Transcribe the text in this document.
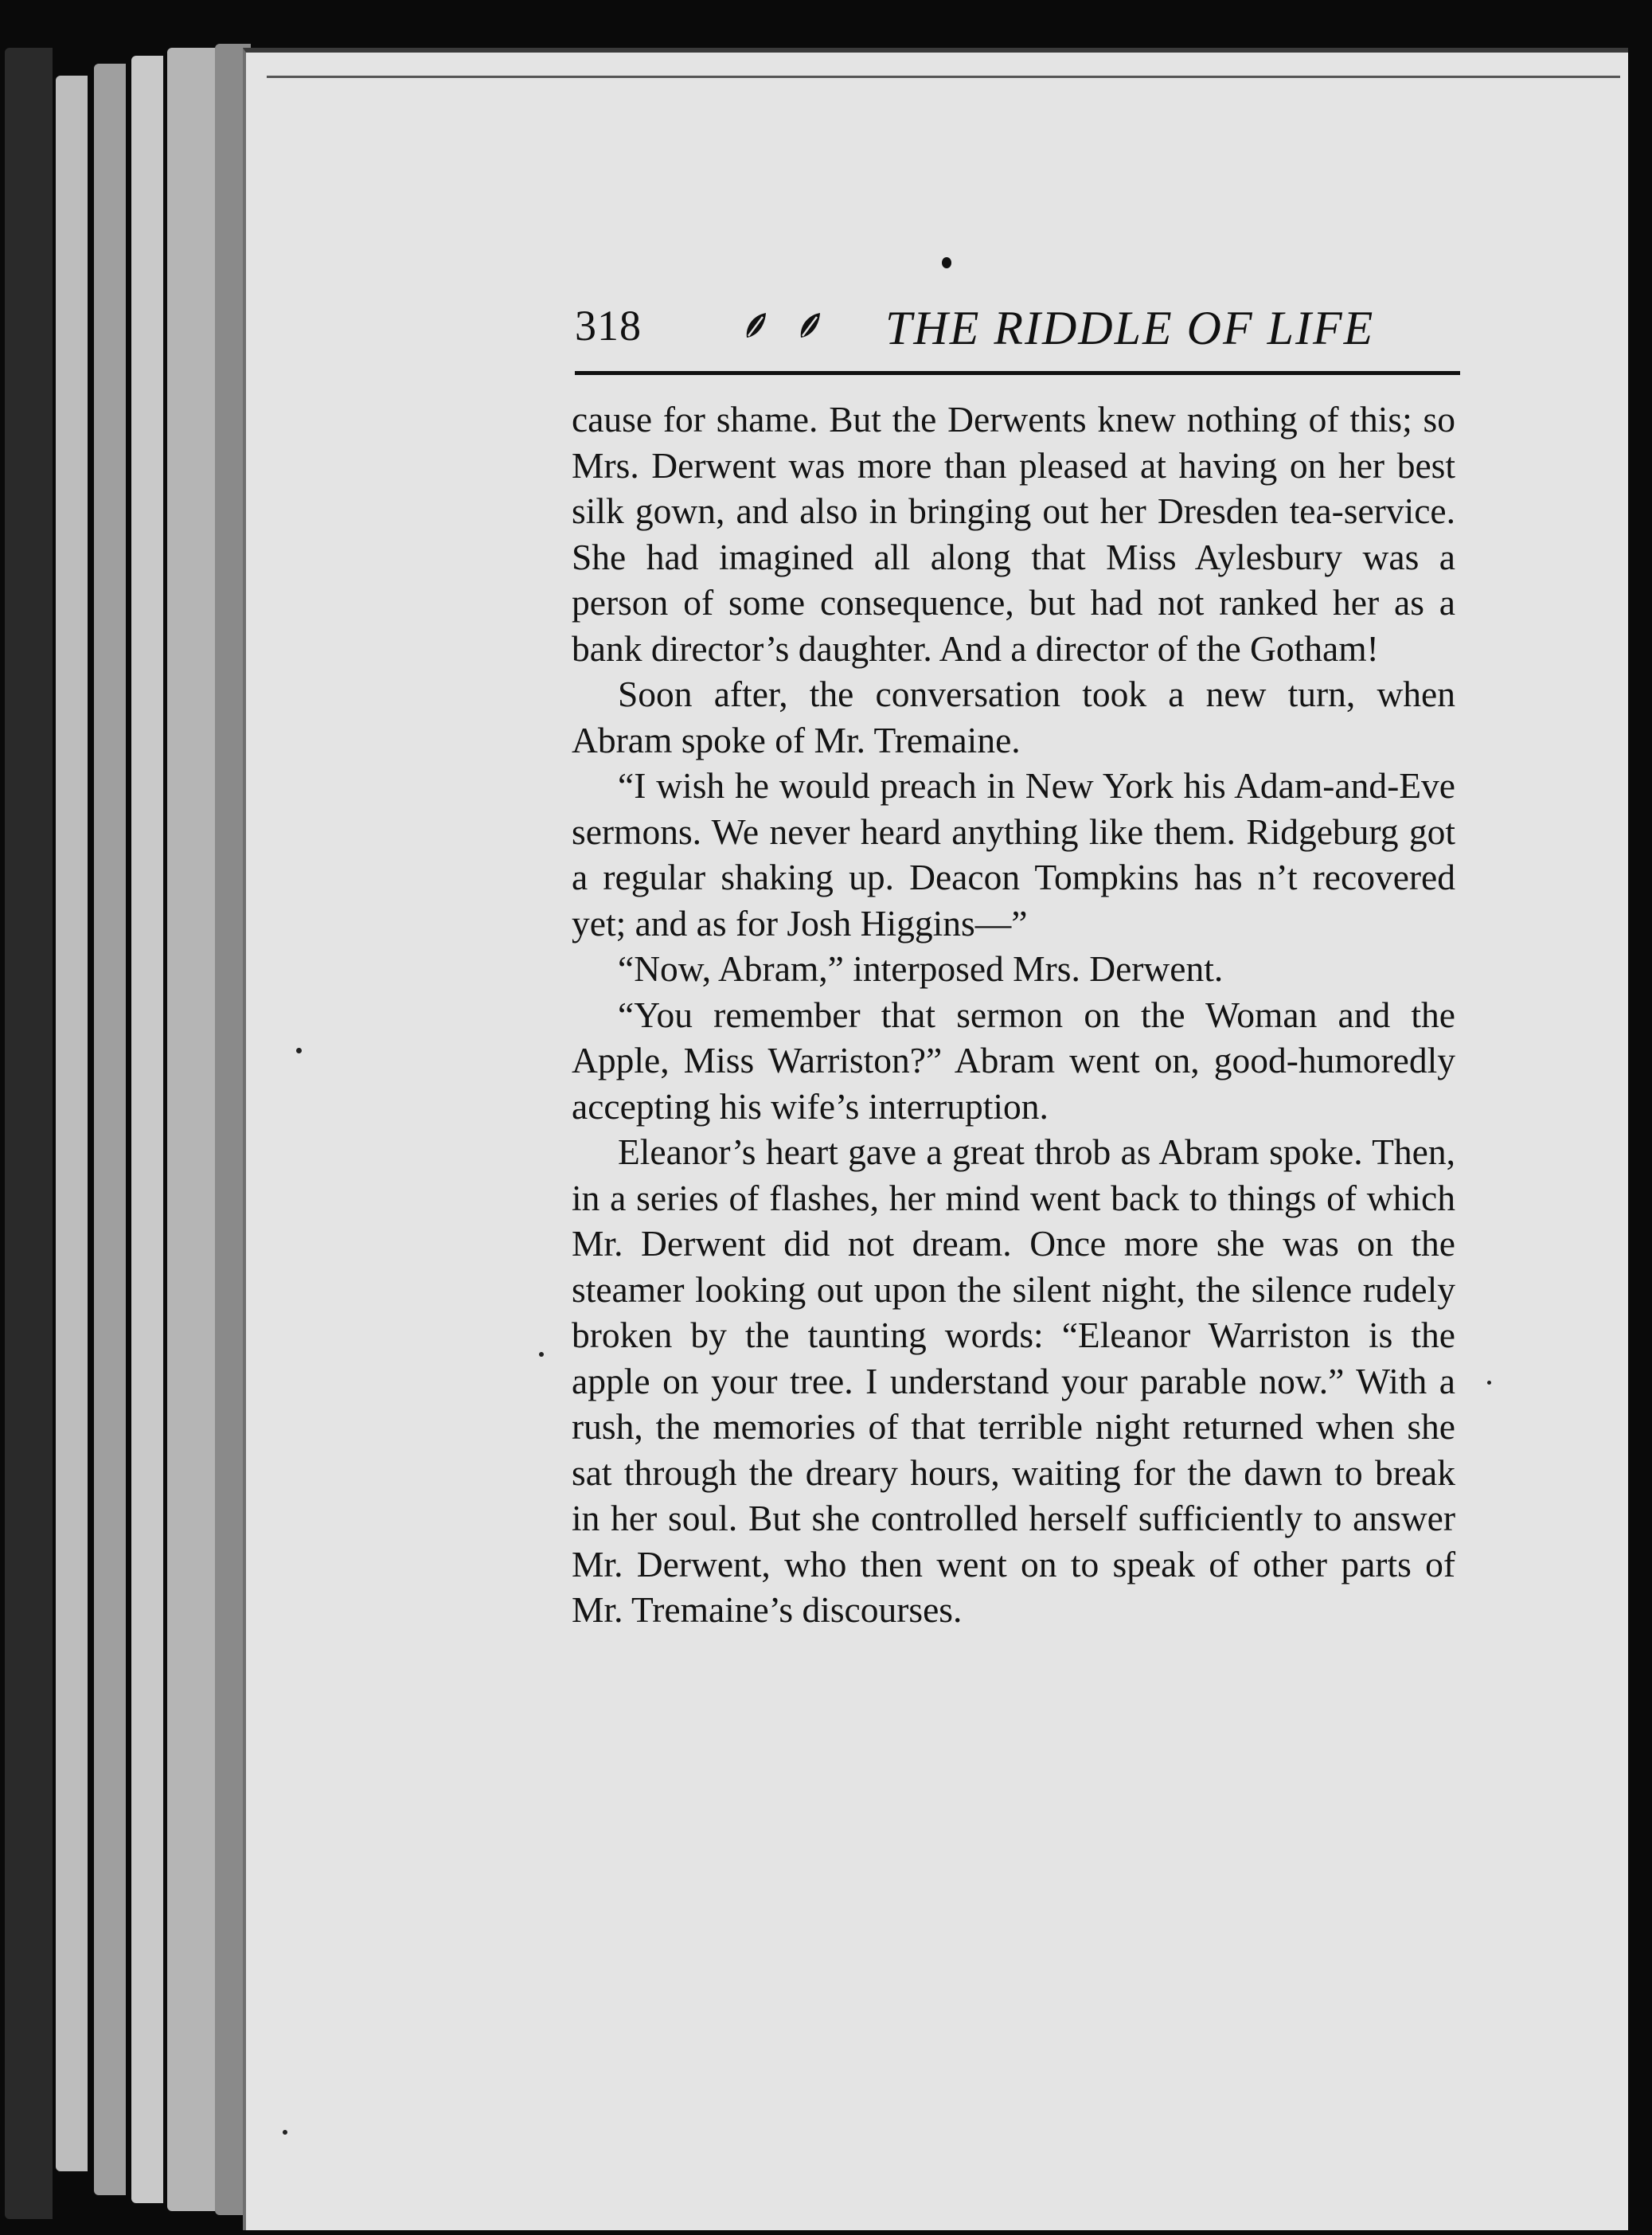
318	THE RIDDLE OF LIFE

cause for shame. But the Derwents knew nothing of this; so Mrs. Derwent was more than pleased at having on her best silk gown, and also in bringing out her Dresden tea-service. She had imagined all along that Miss Aylesbury was a person of some consequence, but had not ranked her as a bank director’s daughter. And a director of the Gotham!

Soon after, the conversation took a new turn, when Abram spoke of Mr. Tremaine.

“I wish he would preach in New York his Adam-and-Eve sermons. We never heard anything like them. Ridgeburg got a regular shaking up. Deacon Tompkins has n’t recovered yet; and as for Josh Higgins—”

“Now, Abram,” interposed Mrs. Derwent.

“You remember that sermon on the Woman and the Apple, Miss Warriston?” Abram went on, good-humoredly accepting his wife’s interruption.

Eleanor’s heart gave a great throb as Abram spoke. Then, in a series of flashes, her mind went back to things of which Mr. Derwent did not dream. Once more she was on the steamer looking out upon the silent night, the silence rudely broken by the taunting words: “Eleanor Warriston is the apple on your tree. I understand your parable now.” With a rush, the memories of that terrible night returned when she sat through the dreary hours, waiting for the dawn to break in her soul. But she controlled herself sufficiently to answer Mr. Derwent, who then went on to speak of other parts of Mr. Tremaine’s discourses.
